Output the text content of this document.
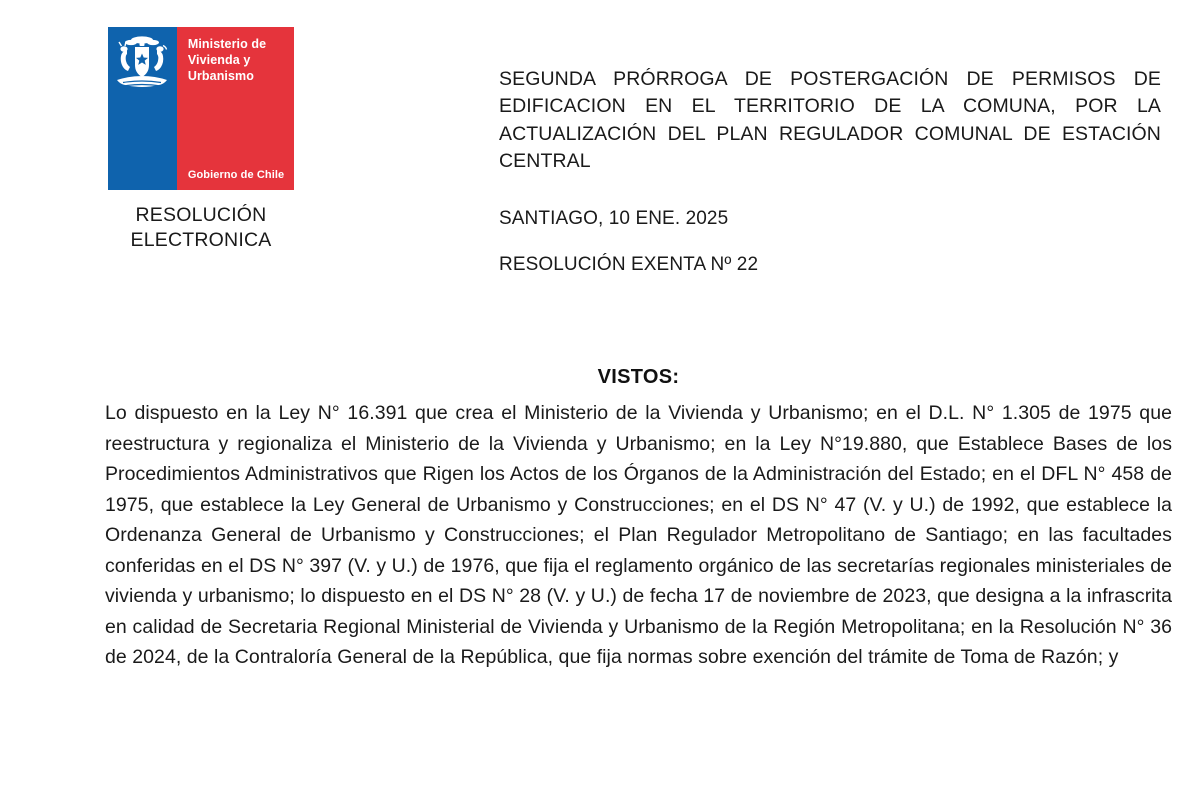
Ministerio de
Vivienda y
Urbanismo
Gobierno de Chile
RESOLUCIÓN
ELECTRONICA
SEGUNDA PRÓRROGA DE POSTERGACIÓN DE PERMISOS DE EDIFICACION EN EL TERRITORIO DE LA COMUNA, POR LA ACTUALIZACIÓN DEL PLAN REGULADOR COMUNAL DE ESTACIÓN CENTRAL
SANTIAGO, 10 ENE. 2025
RESOLUCIÓN EXENTA Nº 22
VISTOS:
Lo dispuesto en la Ley N° 16.391 que crea el Ministerio de la Vivienda y Urbanismo; en el D.L. N° 1.305 de 1975 que reestructura y regionaliza el Ministerio de la Vivienda y Urbanismo; en la Ley N°19.880, que Establece Bases de los Procedimientos Administrativos que Rigen los Actos de los Órganos de la Administración del Estado; en el DFL N° 458 de 1975, que establece la Ley General de Urbanismo y Construcciones; en el DS N° 47 (V. y U.) de 1992, que establece la Ordenanza General de Urbanismo y Construcciones; el Plan Regulador Metropolitano de Santiago; en las facultades conferidas en el DS N° 397 (V. y U.) de 1976, que fija el reglamento orgánico de las secretarías regionales ministeriales de vivienda y urbanismo; lo dispuesto en el DS N° 28 (V. y U.) de fecha 17 de noviembre de 2023, que designa a la infrascrita en calidad de Secretaria Regional Ministerial de Vivienda y Urbanismo de la Región Metropolitana; en la Resolución N° 36 de 2024, de la Contraloría General de la República, que fija normas sobre exención del trámite de Toma de Razón; y
